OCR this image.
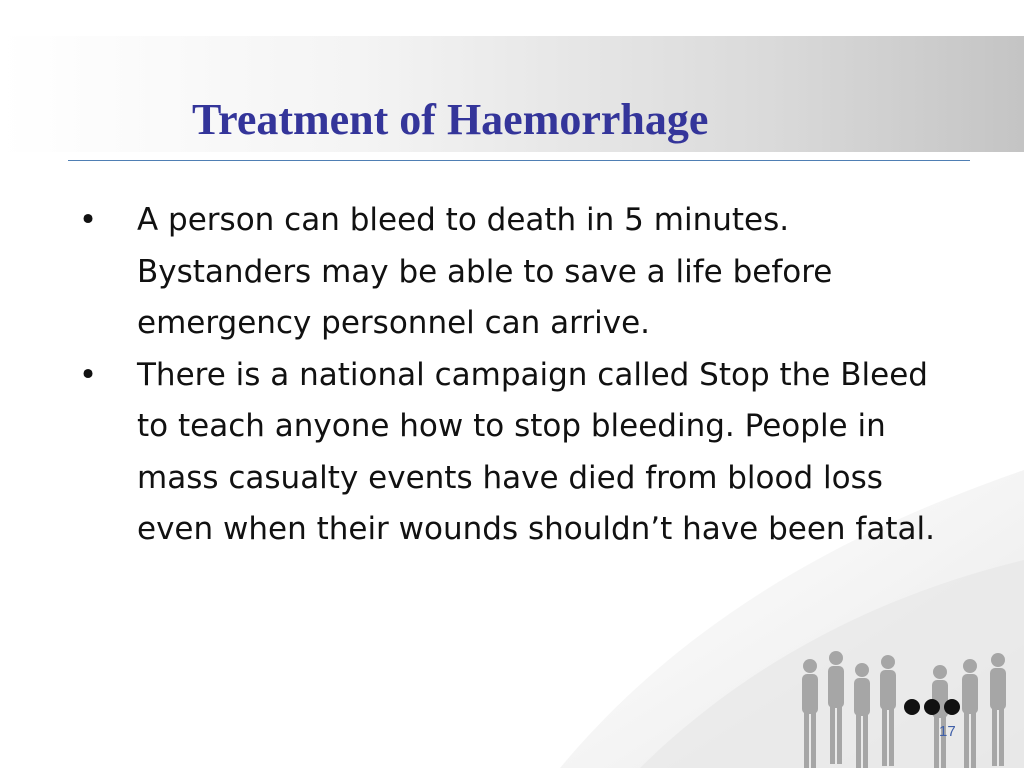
Treatment of Haemorrhage
• A person can bleed to death in 5 minutes. Bystanders may be able to save a life before emergency personnel can arrive.
• There is a national campaign called Stop the Bleed to teach anyone how to stop bleeding. People in mass casualty events have died from blood loss even when their wounds shouldn’t have been fatal.
17
